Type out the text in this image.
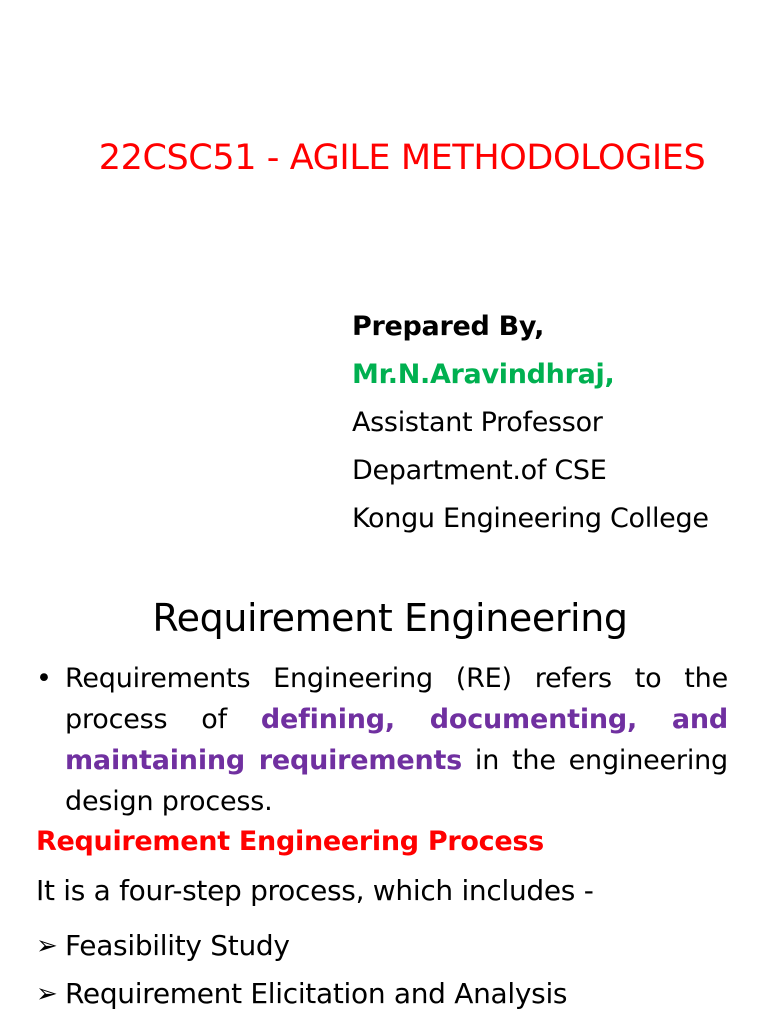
22CSC51 - AGILE METHODOLOGIES
Prepared By,
Mr.N.Aravindhraj,
Assistant Professor
Department.of CSE
Kongu Engineering College
Requirement Engineering
• Requirements Engineering (RE) refers to the process of defining, documenting, and maintaining requirements in the engineering design process.
Requirement Engineering Process
It is a four-step process, which includes -
➢ Feasibility Study
➢ Requirement Elicitation and Analysis
